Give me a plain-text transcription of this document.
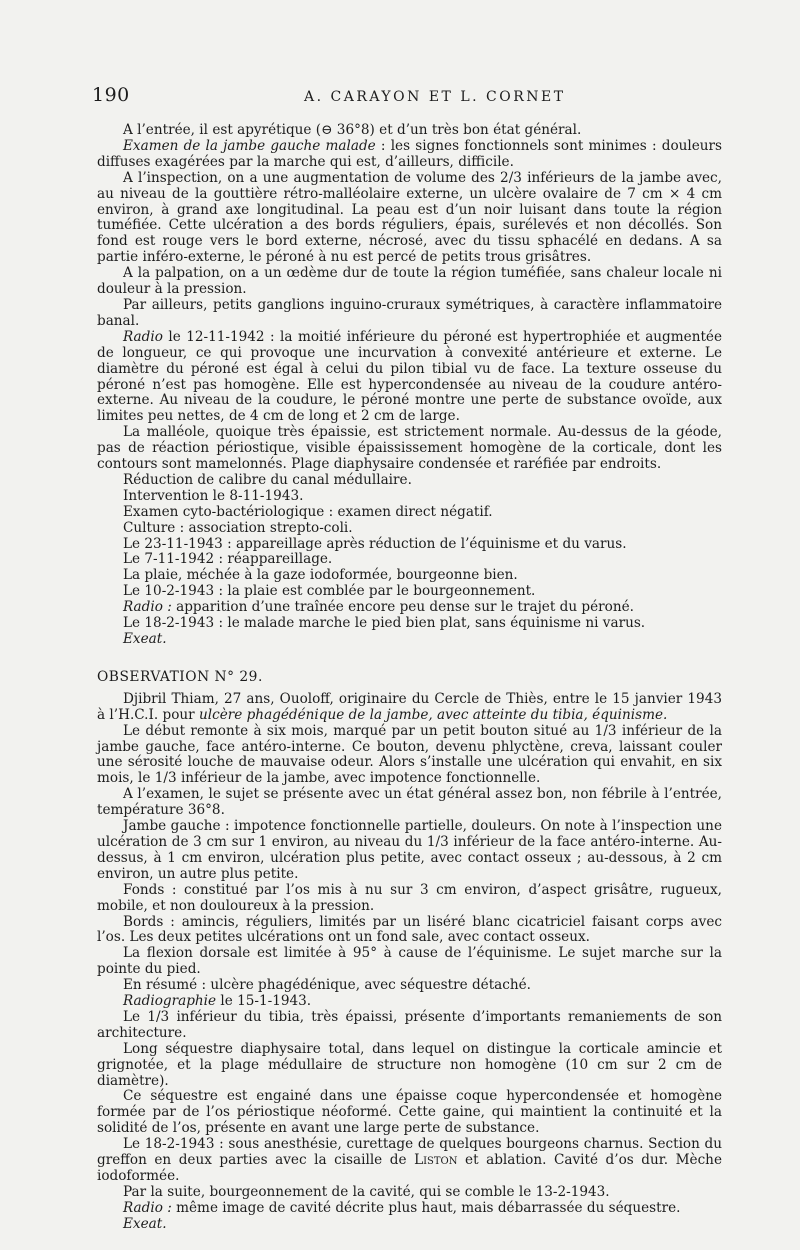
190	A. CARAYON ET L. CORNET

A l’entrée, il est apyrétique (⊖ 36°8) et d’un très bon état général.

Examen de la jambe gauche malade : les signes fonctionnels sont minimes : douleurs diffuses exagérées par la marche qui est, d’ailleurs, difficile.

A l’inspection, on a une augmentation de volume des 2/3 inférieurs de la jambe avec, au niveau de la gouttière rétro-malléolaire externe, un ulcère ovalaire de 7 cm × 4 cm environ, à grand axe longitudinal. La peau est d’un noir luisant dans toute la région tuméfiée. Cette ulcération a des bords réguliers, épais, surélevés et non décollés. Son fond est rouge vers le bord externe, nécrosé, avec du tissu sphacélé en dedans. A sa partie inféro-externe, le péroné à nu est percé de petits trous grisâtres.

A la palpation, on a un œdème dur de toute la région tuméfiée, sans chaleur locale ni douleur à la pression.

Par ailleurs, petits ganglions inguino-cruraux symétriques, à caractère inflammatoire banal.

Radio le 12-11-1942 : la moitié inférieure du péroné est hypertrophiée et augmentée de longueur, ce qui provoque une incurvation à convexité antérieure et externe. Le diamètre du péroné est égal à celui du pilon tibial vu de face. La texture osseuse du péroné n’est pas homogène. Elle est hypercondensée au niveau de la coudure antéro-externe. Au niveau de la coudure, le péroné montre une perte de substance ovoïde, aux limites peu nettes, de 4 cm de long et 2 cm de large.

La malléole, quoique très épaissie, est strictement normale. Au-dessus de la géode, pas de réaction périostique, visible épaississement homogène de la corticale, dont les contours sont mamelonnés. Plage diaphysaire condensée et raréfiée par endroits.

Réduction de calibre du canal médullaire.

Intervention le 8-11-1943.

Examen cyto-bactériologique : examen direct négatif.

Culture : association strepto-coli.

Le 23-11-1943 : appareillage après réduction de l’équinisme et du varus.

Le 7-11-1942 : réappareillage.

La plaie, méchée à la gaze iodoformée, bourgeonne bien.

Le 10-2-1943 : la plaie est comblée par le bourgeonnement.

Radio : apparition d’une traînée encore peu dense sur le trajet du péroné.

Le 18-2-1943 : le malade marche le pied bien plat, sans équinisme ni varus.

Exeat.

OBSERVATION N° 29.

Djibril Thiam, 27 ans, Ouoloff, originaire du Cercle de Thiès, entre le 15 janvier 1943 à l’H.C.I. pour ulcère phagédénique de la jambe, avec atteinte du tibia, équinisme.

Le début remonte à six mois, marqué par un petit bouton situé au 1/3 inférieur de la jambe gauche, face antéro-interne. Ce bouton, devenu phlyctène, creva, laissant couler une sérosité louche de mauvaise odeur. Alors s’installe une ulcération qui envahit, en six mois, le 1/3 inférieur de la jambe, avec impotence fonctionnelle.

A l’examen, le sujet se présente avec un état général assez bon, non fébrile à l’entrée, température 36°8.

Jambe gauche : impotence fonctionnelle partielle, douleurs. On note à l’inspection une ulcération de 3 cm sur 1 environ, au niveau du 1/3 inférieur de la face antéro-interne. Au-dessus, à 1 cm environ, ulcération plus petite, avec contact osseux ; au-dessous, à 2 cm environ, un autre plus petite.

Fonds : constitué par l’os mis à nu sur 3 cm environ, d’aspect grisâtre, rugueux, mobile, et non douloureux à la pression.

Bords : amincis, réguliers, limités par un liséré blanc cicatriciel faisant corps avec l’os. Les deux petites ulcérations ont un fond sale, avec contact osseux.

La flexion dorsale est limitée à 95° à cause de l’équinisme. Le sujet marche sur la pointe du pied.

En résumé : ulcère phagédénique, avec séquestre détaché.

Radiographie le 15-1-1943.

Le 1/3 inférieur du tibia, très épaissi, présente d’importants remaniements de son architecture.

Long séquestre diaphysaire total, dans lequel on distingue la corticale amincie et grignotée, et la plage médullaire de structure non homogène (10 cm sur 2 cm de diamètre).

Ce séquestre est engainé dans une épaisse coque hypercondensée et homogène formée par de l’os périostique néoformé. Cette gaine, qui maintient la continuité et la solidité de l’os, présente en avant une large perte de substance.

Le 18-2-1943 : sous anesthésie, curettage de quelques bourgeons charnus. Section du greffon en deux parties avec la cisaille de Liston et ablation. Cavité d’os dur. Mèche iodoformée.

Par la suite, bourgeonnement de la cavité, qui se comble le 13-2-1943.

Radio : même image de cavité décrite plus haut, mais débarrassée du séquestre.

Exeat.
